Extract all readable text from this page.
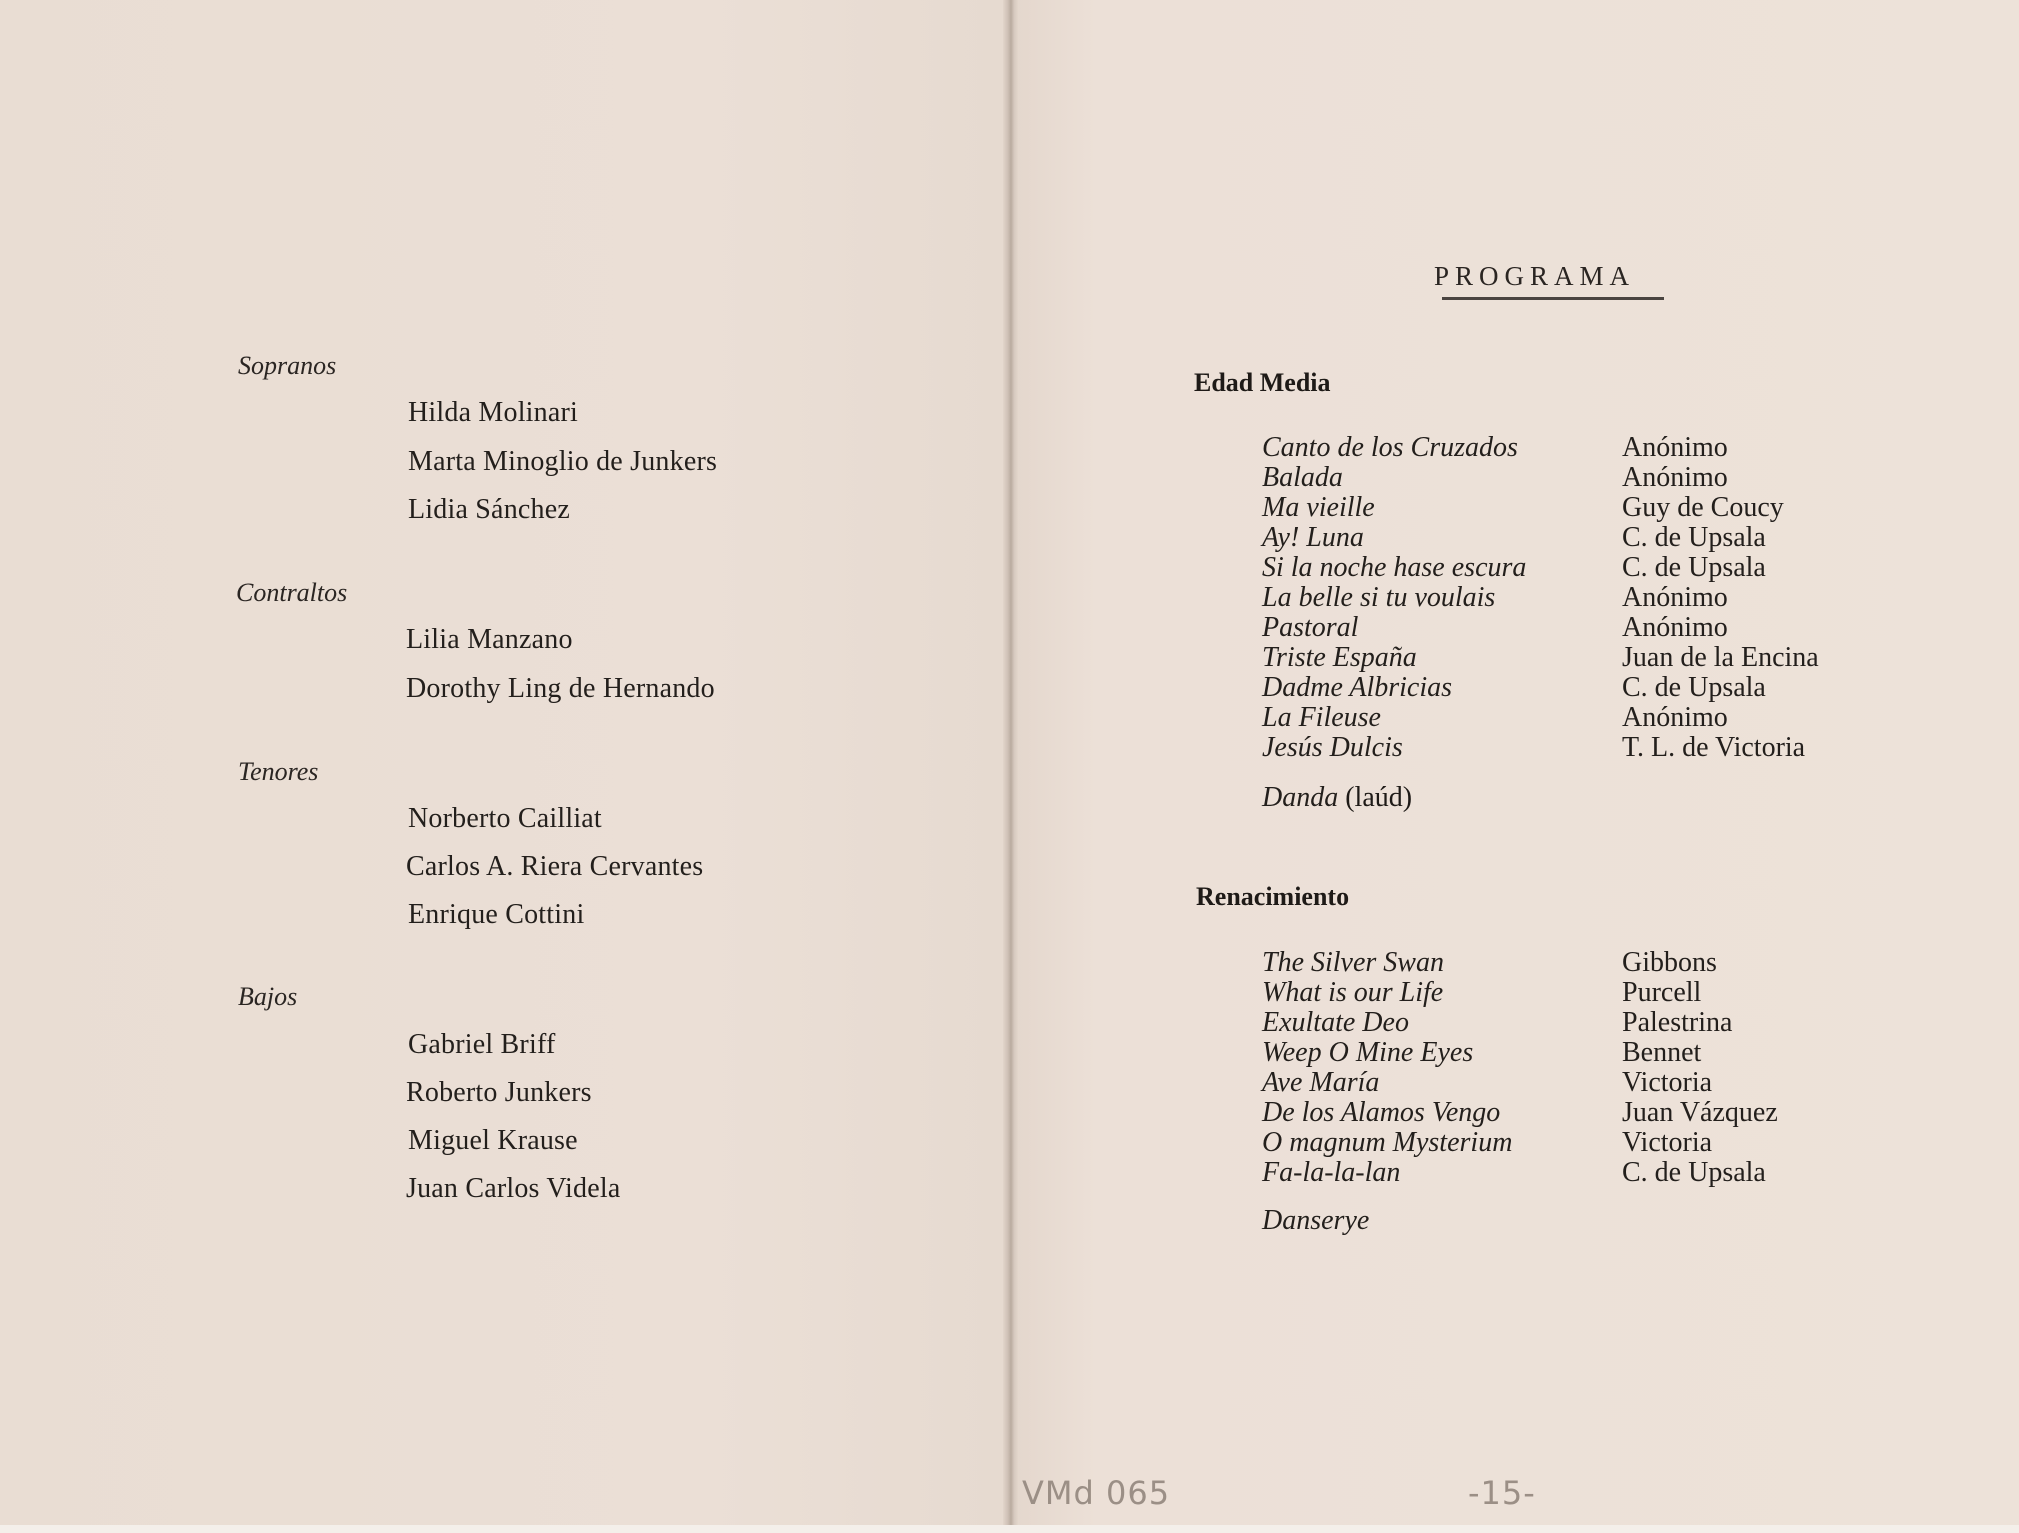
Sopranos
Hilda Molinari
Marta Minoglio de Junkers
Lidia Sánchez
Contraltos
Lilia Manzano
Dorothy Ling de Hernando
Tenores
Norberto Cailliat
Carlos A. Riera Cervantes
Enrique Cottini
Bajos
Gabriel Briff
Roberto Junkers
Miguel Krause
Juan Carlos Videla
PROGRAMA
Edad Media
Canto de los Cruzados
Balada
Ma vieille
Ay! Luna
Si la noche hase escura
La belle si tu voulais
Pastoral
Triste España
Dadme Albricias
La Fileuse
Jesús Dulcis
Anónimo
Anónimo
Guy de Coucy
C. de Upsala
C. de Upsala
Anónimo
Anónimo
Juan de la Encina
C. de Upsala
Anónimo
T. L. de Victoria
Danda (laúd)
Renacimiento
The Silver Swan
What is our Life
Exultate Deo
Weep O Mine Eyes
Ave María
De los Alamos Vengo
O magnum Mysterium
Fa-la-la-lan
Gibbons
Purcell
Palestrina
Bennet
Victoria
Juan Vázquez
Victoria
C. de Upsala
Danserye
VMd 065	-15-
